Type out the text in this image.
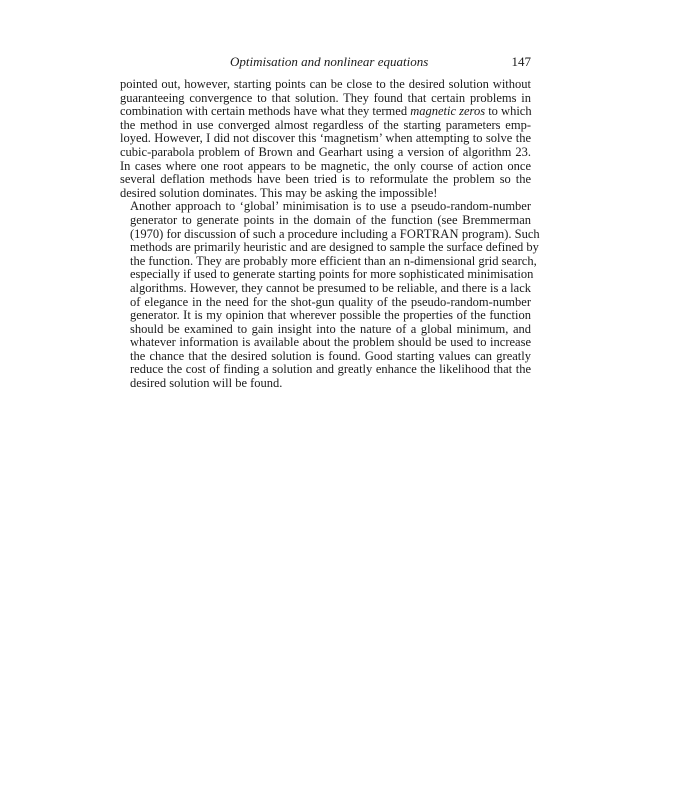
Optimisation and nonlinear equations	147

pointed out, however, starting points can be close to the desired solution without
guaranteeing convergence to that solution. They found that certain problems in
combination with certain methods have what they termed magnetic zeros to which
the method in use converged almost regardless of the starting parameters emp-
loyed. However, I did not discover this ‘magnetism’ when attempting to solve the
cubic-parabola problem of Brown and Gearhart using a version of algorithm 23.
In cases where one root appears to be magnetic, the only course of action once
several deflation methods have been tried is to reformulate the problem so the
desired solution dominates. This may be asking the impossible!

Another approach to ‘global’ minimisation is to use a pseudo-random-number
generator to generate points in the domain of the function (see Bremmerman
(1970) for discussion of such a procedure including a FORTRAN program). Such
methods are primarily heuristic and are designed to sample the surface defined by
the function. They are probably more efficient than an n-dimensional grid search,
especially if used to generate starting points for more sophisticated minimisation
algorithms. However, they cannot be presumed to be reliable, and there is a lack
of elegance in the need for the shot-gun quality of the pseudo-random-number
generator. It is my opinion that wherever possible the properties of the function
should be examined to gain insight into the nature of a global minimum, and
whatever information is available about the problem should be used to increase
the chance that the desired solution is found. Good starting values can greatly
reduce the cost of finding a solution and greatly enhance the likelihood that the
desired solution will be found.
